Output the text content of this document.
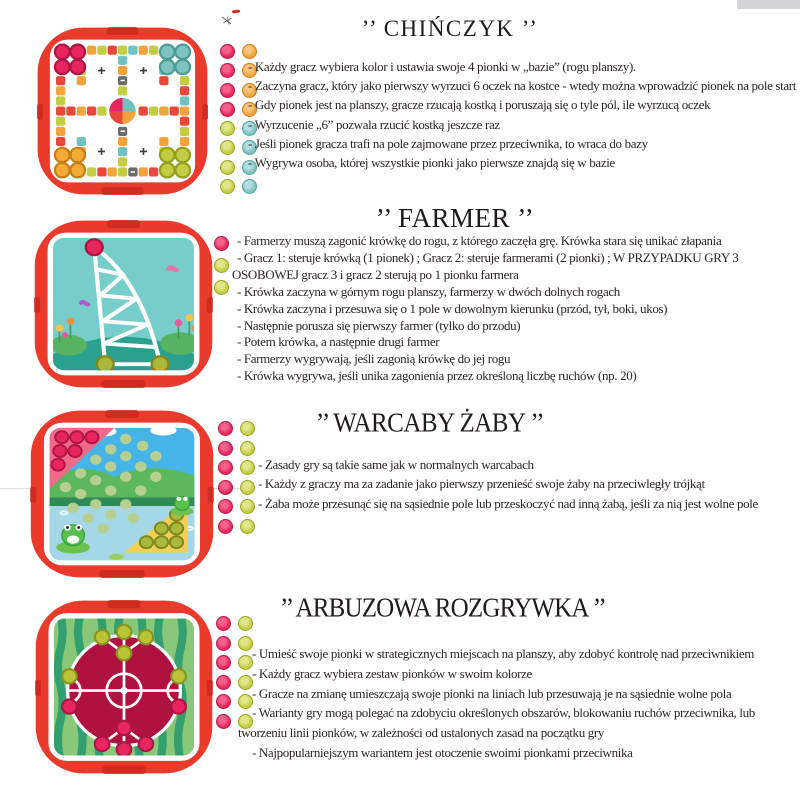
’’ CHIŃCZYK ’’
- Każdy gracz wybiera kolor i ustawia swoje 4 pionki w „bazie” (rogu planszy).
- Zaczyna gracz, który jako pierwszy wyrzuci 6 oczek na kostce - wtedy można wprowadzić pionek na pole start
- Gdy pionek jest na planszy, gracze rzucają kostką i poruszają się o tyle pól, ile wyrzucą oczek
- Wyrzucenie „6” pozwala rzucić kostką jeszcze raz
- Jeśli pionek gracza trafi na pole zajmowane przez przeciwnika, to wraca do bazy
- Wygrywa osoba, której wszystkie pionki jako pierwsze znajdą się w bazie
’’ FARMER ’’
- Farmerzy muszą zagonić krówkę do rogu, z którego zaczęła grę. Krówka stara się unikać złapania
- Gracz 1: steruje krówką (1 pionek) ; Gracz 2: steruje farmerami (2 pionki) ; W PRZYPADKU GRY 3 OSOBOWEJ gracz 3 i gracz 2 sterują po 1 pionku farmera
- Krówka zaczyna w górnym rogu planszy, farmerzy w dwóch dolnych rogach
- Krówka zaczyna i przesuwa się o 1 pole w dowolnym kierunku (przód, tył, boki, ukos)
- Następnie porusza się pierwszy farmer (tylko do przodu)
- Potem krówka, a następnie drugi farmer
- Farmerzy wygrywają, jeśli zagonią krówkę do jej rogu
- Krówka wygrywa, jeśli unika zagonienia przez określoną liczbę ruchów (np. 20)
’’ WARCABY ŻABY ’’
- Zasady gry są takie same jak w normalnych warcabach
- Każdy z graczy ma za zadanie jako pierwszy przenieść swoje żaby na przeciwległy trójkąt
- Żaba może przesunąć się na sąsiednie pole lub przeskoczyć nad inną żabą, jeśli za nią jest wolne pole
’’ ARBUZOWA ROZGRYWKA ’’
- Umieść swoje pionki w strategicznych miejscach na planszy, aby zdobyć kontrolę nad przeciwnikiem
- Każdy gracz wybiera zestaw pionków w swoim kolorze
- Gracze na zmianę umieszczają swoje pionki na liniach lub przesuwają je na sąsiednie wolne pola
- Warianty gry mogą polegać na zdobyciu określonych obszarów, blokowaniu ruchów przeciwnika, lub tworzeniu linii pionków, w zależności od ustalonych zasad na początku gry
- Najpopularniejszym wariantem jest otoczenie swoimi pionkami przeciwnika
